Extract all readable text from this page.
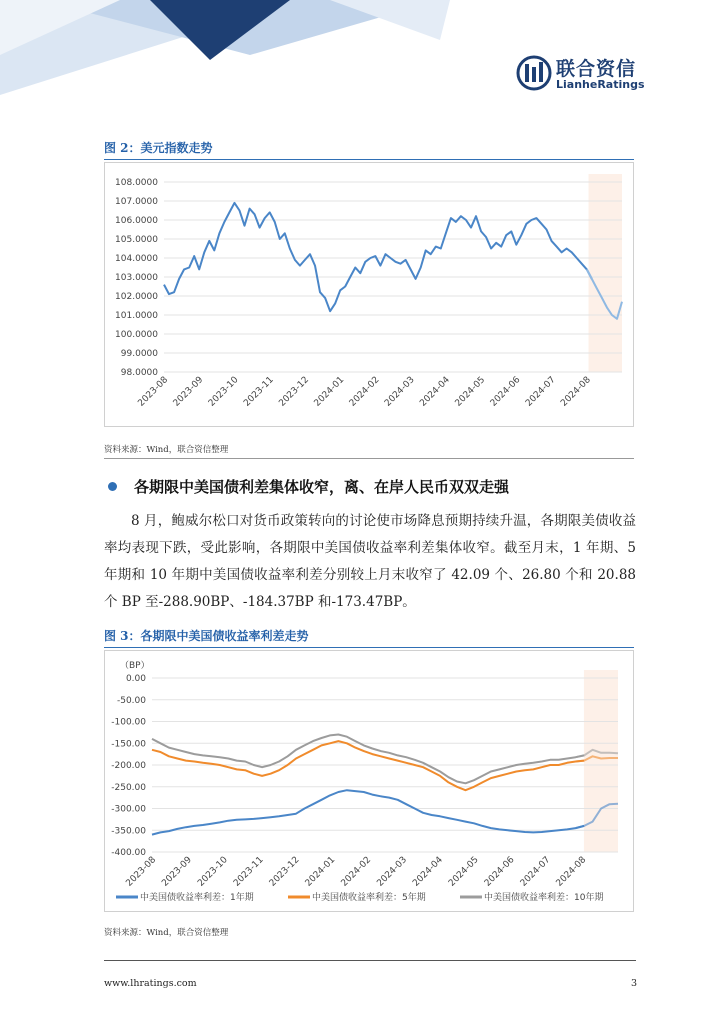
联合资信
LianheRatings
图 2：美元指数走势
108.0000
107.0000
106.0000
105.0000
104.0000
103.0000
102.0000
101.0000
100.0000
99.0000
98.0000
2023-08 2023-09 2023-10 2023-11 2023-12 2024-01 2024-02 2024-03 2024-04 2024-05 2024-06 2024-07 2024-08
资料来源：Wind，联合资信整理
各期限中美国债利差集体收窄，离、在岸人民币双双走强
8 月，鲍威尔松口对货币政策转向的讨论使市场降息预期持续升温，各期限美债收益率均表现下跌，受此影响，各期限中美国债收益率利差集体收窄。截至月末，1 年期、5 年期和 10 年期中美国债收益率利差分别较上月末收窄了 42.09 个、26.80 个和 20.88 个 BP 至-288.90BP、-184.37BP 和-173.47BP。
图 3：各期限中美国债收益率利差走势
0.00
-50.00
-100.00
-150.00
-200.00
-250.00
-300.00
-350.00
-400.00
2023-08 2023-09 2023-10 2023-11 2023-12 2024-01 2024-02 2024-03 2024-04 2024-05 2024-06 2024-07 2024-08
（BP）
中美国债收益率利差：1年期	中美国债收益率利差：5年期	中美国债收益率利差：10年期
资料来源：Wind，联合资信整理
www.lhratings.com	3
